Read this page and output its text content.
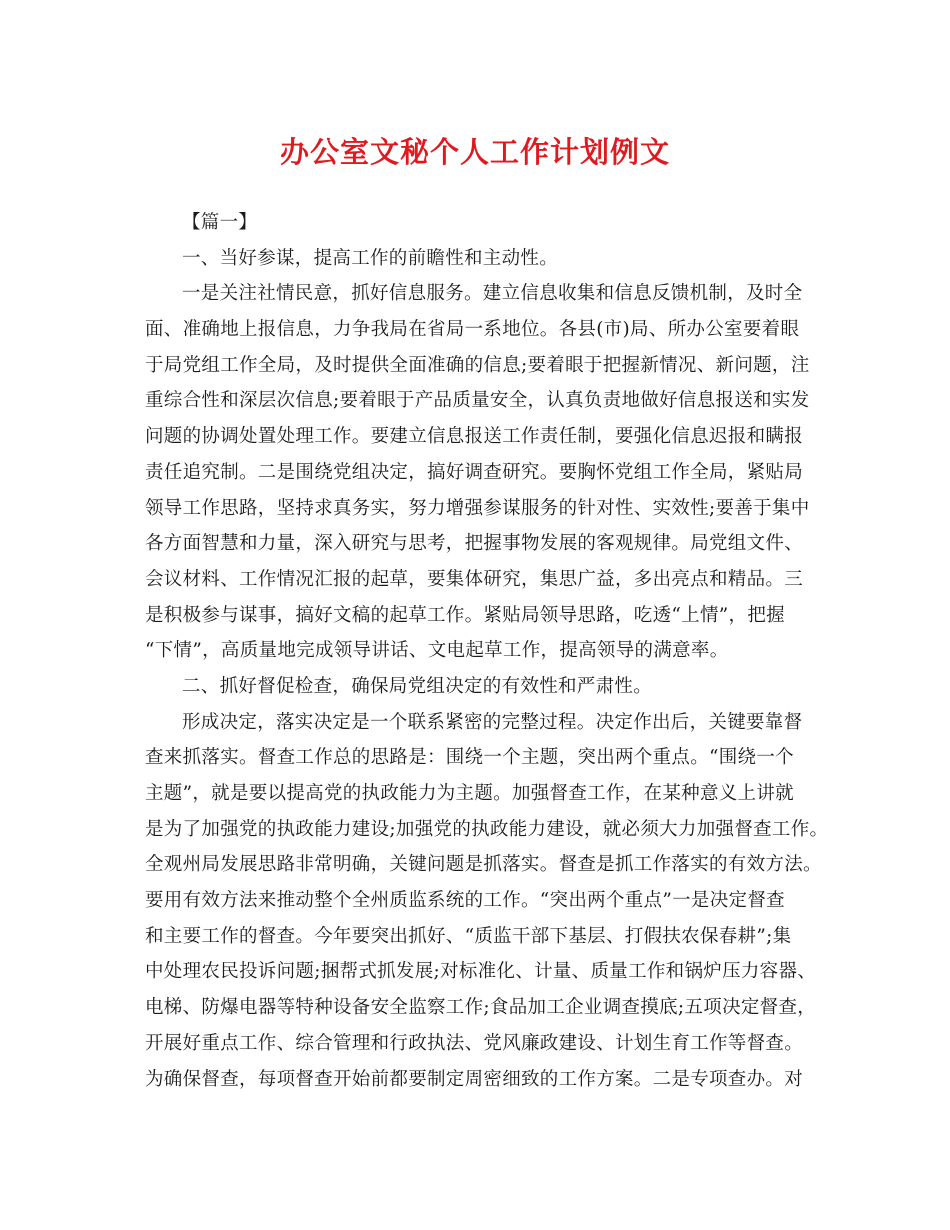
办公室文秘个人工作计划例文
【篇一】
一、当好参谋，提高工作的前瞻性和主动性。
一是关注社情民意，抓好信息服务。建立信息收集和信息反馈机制，及时全
面、准确地上报信息，力争我局在省局一系地位。各县(市)局、所办公室要着眼
于局党组工作全局，及时提供全面准确的信息;要着眼于把握新情况、新问题，注
重综合性和深层次信息;要着眼于产品质量安全，认真负责地做好信息报送和实发
问题的协调处置处理工作。要建立信息报送工作责任制，要强化信息迟报和瞒报
责任追究制。二是围绕党组决定，搞好调查研究。要胸怀党组工作全局，紧贴局
领导工作思路，坚持求真务实，努力增强参谋服务的针对性、实效性;要善于集中
各方面智慧和力量，深入研究与思考，把握事物发展的客观规律。局党组文件、
会议材料、工作情况汇报的起草，要集体研究，集思广益，多出亮点和精品。三
是积极参与谋事，搞好文稿的起草工作。紧贴局领导思路，吃透“上情”，把握
“下情”，高质量地完成领导讲话、文电起草工作，提高领导的满意率。
二、抓好督促检查，确保局党组决定的有效性和严肃性。
形成决定，落实决定是一个联系紧密的完整过程。决定作出后，关键要靠督
查来抓落实。督查工作总的思路是：围绕一个主题，突出两个重点。“围绕一个
主题”，就是要以提高党的执政能力为主题。加强督查工作，在某种意义上讲就
是为了加强党的执政能力建设;加强党的执政能力建设，就必须大力加强督查工作。
全观州局发展思路非常明确，关键问题是抓落实。督查是抓工作落实的有效方法。
要用有效方法来推动整个全州质监系统的工作。“突出两个重点”一是决定督查
和主要工作的督查。今年要突出抓好、“质监干部下基层、打假扶农保春耕”;集
中处理农民投诉问题;捆帮式抓发展;对标准化、计量、质量工作和锅炉压力容器、
电梯、防爆电器等特种设备安全监察工作;食品加工企业调查摸底;五项决定督查，
开展好重点工作、综合管理和行政执法、党风廉政建设、计划生育工作等督查。
为确保督查，每项督查开始前都要制定周密细致的工作方案。二是专项查办。对
